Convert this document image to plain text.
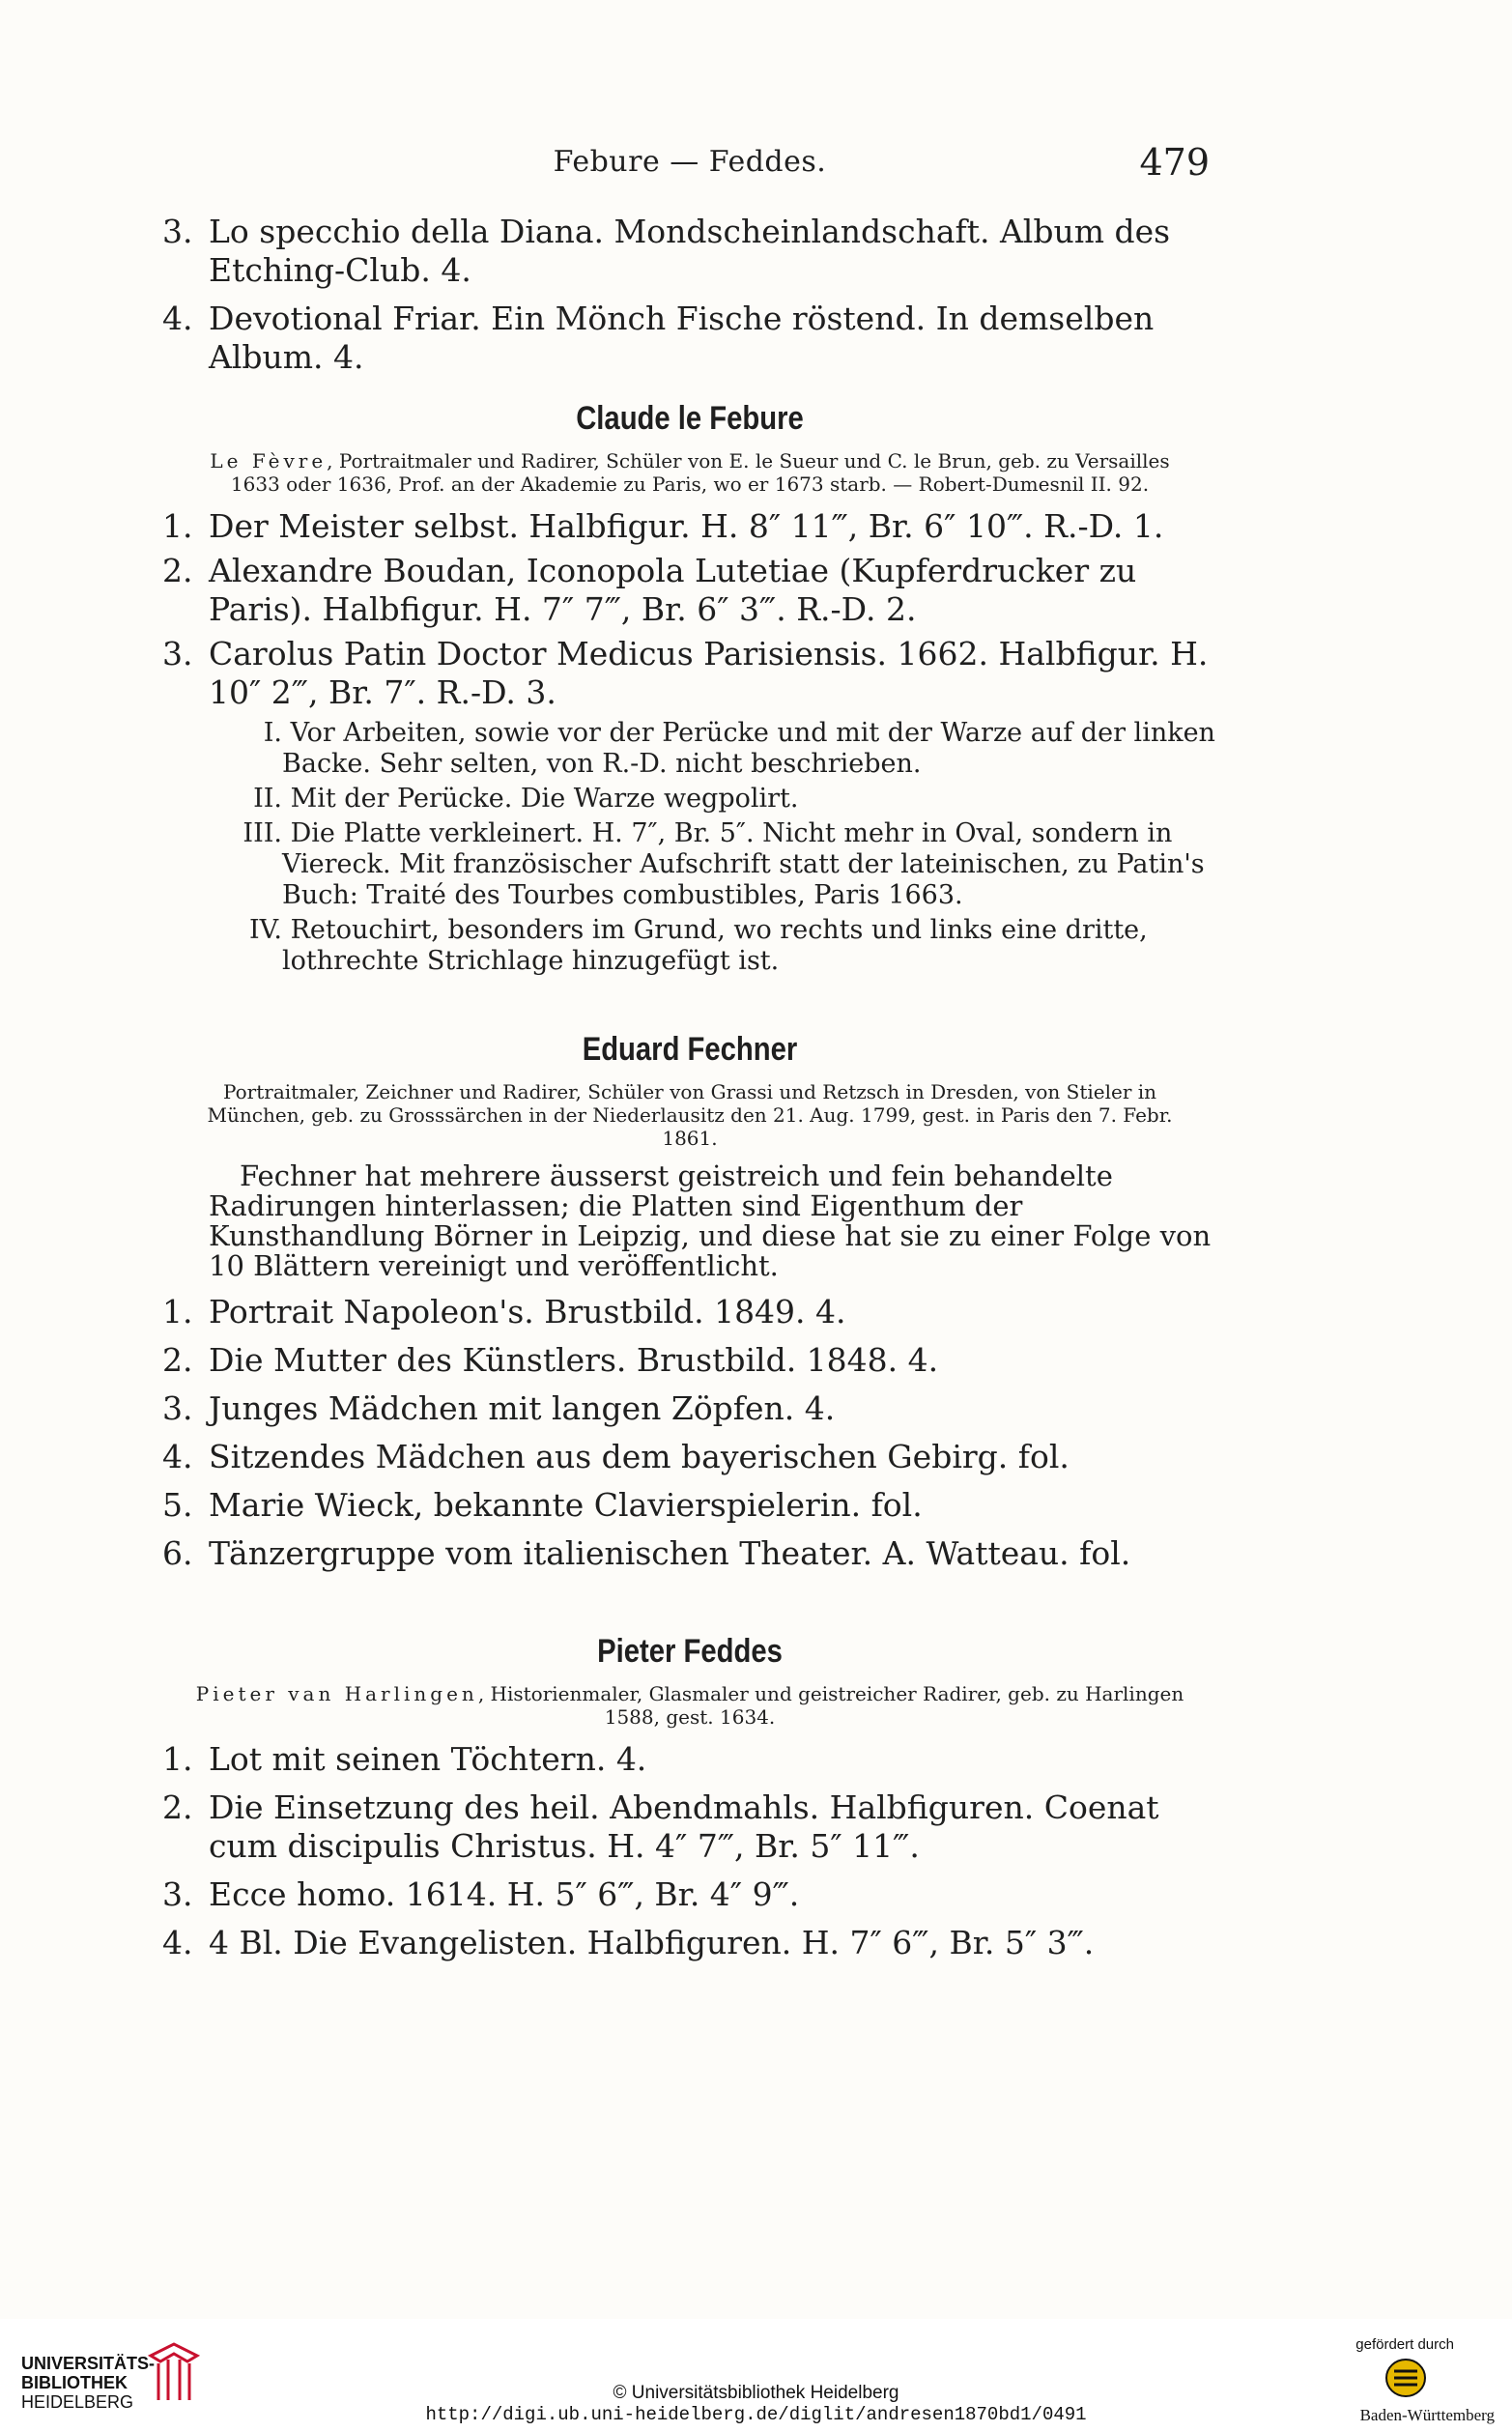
Febure — Feddes.	479
3. Lo specchio della Diana. Mondscheinlandschaft. Album des Etching-Club. 4.
4. Devotional Friar. Ein Mönch Fische röstend. In demselben Album. 4.
Claude le Febure
Le Fèvre, Portraitmaler und Radirer, Schüler von E. le Sueur und C. le Brun, geb. zu Versailles 1633 oder 1636, Prof. an der Akademie zu Paris, wo er 1673 starb. — Robert-Dumesnil II. 92.
1. Der Meister selbst. Halbfigur. H. 8″ 11‴, Br. 6″ 10‴. R.-D. 1.
2. Alexandre Boudan, Iconopola Lutetiae (Kupferdrucker zu Paris). Halbfigur. H. 7″ 7‴, Br. 6″ 3‴. R.-D. 2.
3. Carolus Patin Doctor Medicus Parisiensis. 1662. Halbfigur. H. 10″ 2‴, Br. 7″. R.-D. 3.
I. Vor Arbeiten, sowie vor der Perücke und mit der Warze auf der linken Backe. Sehr selten, von R.-D. nicht beschrieben.
II. Mit der Perücke. Die Warze wegpolirt.
III. Die Platte verkleinert. H. 7″, Br. 5″. Nicht mehr in Oval, sondern in Viereck. Mit französischer Aufschrift statt der lateinischen, zu Patin's Buch: Traité des Tourbes combustibles, Paris 1663.
IV. Retouchirt, besonders im Grund, wo rechts und links eine dritte, lothrechte Strichlage hinzugefügt ist.
Eduard Fechner
Portraitmaler, Zeichner und Radirer, Schüler von Grassi und Retzsch in Dresden, von Stieler in München, geb. zu Grosssärchen in der Niederlausitz den 21. Aug. 1799, gest. in Paris den 7. Febr. 1861.
Fechner hat mehrere äusserst geistreich und fein behandelte Radirungen hinterlassen; die Platten sind Eigenthum der Kunsthandlung Börner in Leipzig, und diese hat sie zu einer Folge von 10 Blättern vereinigt und veröffentlicht.
1. Portrait Napoleon's. Brustbild. 1849. 4.
2. Die Mutter des Künstlers. Brustbild. 1848. 4.
3. Junges Mädchen mit langen Zöpfen. 4.
4. Sitzendes Mädchen aus dem bayerischen Gebirg. fol.
5. Marie Wieck, bekannte Clavierspielerin. fol.
6. Tänzergruppe vom italienischen Theater. A. Watteau. fol.
Pieter Feddes
Pieter van Harlingen, Historienmaler, Glasmaler und geistreicher Radirer, geb. zu Harlingen 1588, gest. 1634.
1. Lot mit seinen Töchtern. 4.
2. Die Einsetzung des heil. Abendmahls. Halbfiguren. Coenat cum discipulis Christus. H. 4″ 7‴, Br. 5″ 11‴.
3. Ecce homo. 1614. H. 5″ 6‴, Br. 4″ 9‴.
4. 4 Bl. Die Evangelisten. Halbfiguren. H. 7″ 6‴, Br. 5″ 3‴.
UNIVERSITÄTS-
BIBLIOTHEK
HEIDELBERG	© Universitätsbibliothek Heidelberg
http://digi.ub.uni-heidelberg.de/diglit/andresen1870bd1/0491
gefördert durch
Baden-Württemberg
